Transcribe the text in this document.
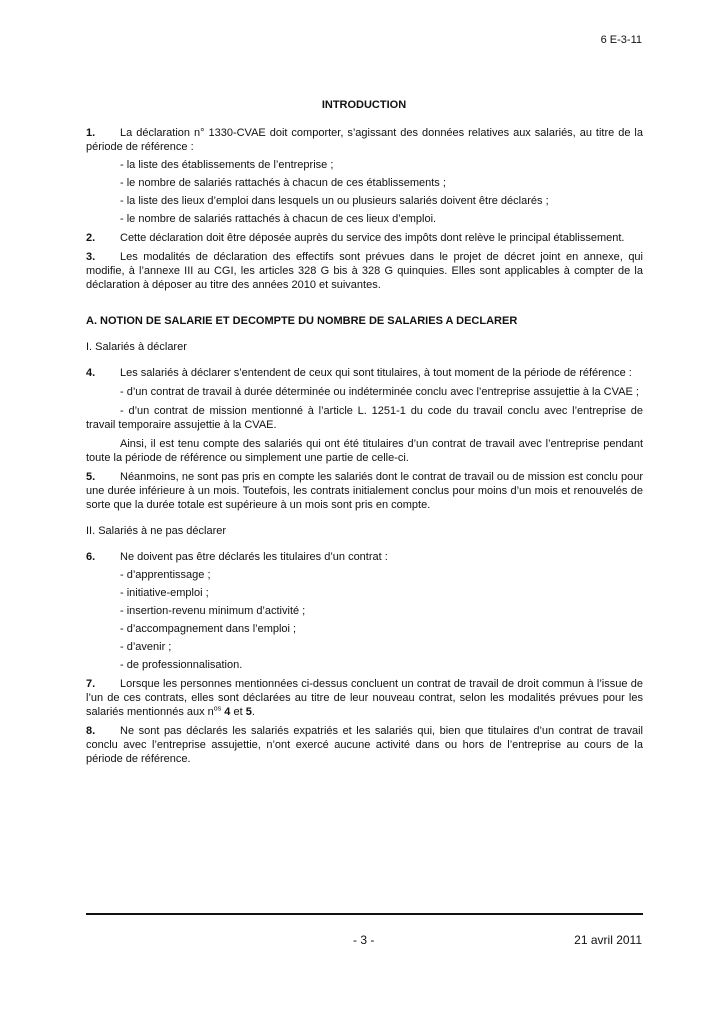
6 E-3-11
INTRODUCTION

1. La déclaration n° 1330-CVAE doit comporter, s’agissant des données relatives aux salariés, au titre de la période de référence :

- la liste des établissements de l’entreprise ;

- le nombre de salariés rattachés à chacun de ces établissements ;

- la liste des lieux d’emploi dans lesquels un ou plusieurs salariés doivent être déclarés ;

- le nombre de salariés rattachés à chacun de ces lieux d’emploi.

2. Cette déclaration doit être déposée auprès du service des impôts dont relève le principal établissement.

3. Les modalités de déclaration des effectifs sont prévues dans le projet de décret joint en annexe, qui modifie, à l’annexe III au CGI, les articles 328 G bis à 328 G quinquies. Elles sont applicables à compter de la déclaration à déposer au titre des années 2010 et suivantes.

A. NOTION DE SALARIE ET DECOMPTE DU NOMBRE DE SALARIES A DECLARER

I. Salariés à déclarer

4. Les salariés à déclarer s’entendent de ceux qui sont titulaires, à tout moment de la période de référence :

- d’un contrat de travail à durée déterminée ou indéterminée conclu avec l’entreprise assujettie à la CVAE ;

- d’un contrat de mission mentionné à l’article L. 1251-1 du code du travail conclu avec l’entreprise de travail temporaire assujettie à la CVAE.

Ainsi, il est tenu compte des salariés qui ont été titulaires d’un contrat de travail avec l’entreprise pendant toute la période de référence ou simplement une partie de celle-ci.

5. Néanmoins, ne sont pas pris en compte les salariés dont le contrat de travail ou de mission est conclu pour une durée inférieure à un mois. Toutefois, les contrats initialement conclus pour moins d’un mois et renouvelés de sorte que la durée totale est supérieure à un mois sont pris en compte.

II. Salariés à ne pas déclarer

6. Ne doivent pas être déclarés les titulaires d’un contrat :

- d’apprentissage ;

- initiative-emploi ;

- insertion-revenu minimum d’activité ;

- d’accompagnement dans l’emploi ;

- d’avenir ;

- de professionnalisation.

7. Lorsque les personnes mentionnées ci-dessus concluent un contrat de travail de droit commun à l’issue de l’un de ces contrats, elles sont déclarées au titre de leur nouveau contrat, selon les modalités prévues pour les salariés mentionnés aux $n^{os}$ 4 et 5.

8. Ne sont pas déclarés les salariés expatriés et les salariés qui, bien que titulaires d’un contrat de travail conclu avec l’entreprise assujettie, n’ont exercé aucune activité dans ou hors de l’entreprise au cours de la période de référence.

- 3 -	21 avril 2011
